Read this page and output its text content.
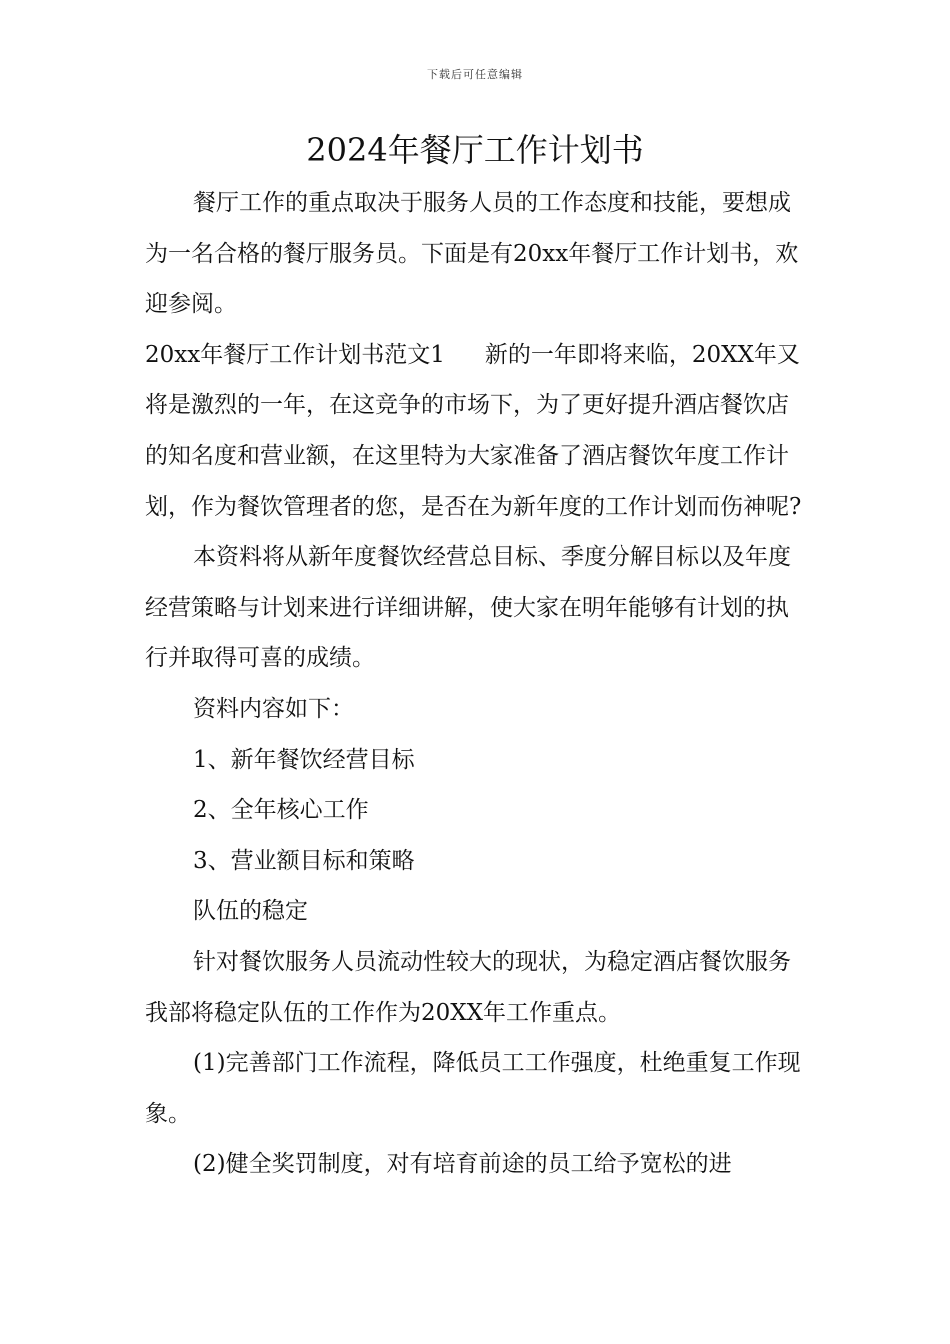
下载后可任意编辑
2024年餐厅工作计划书

餐厅工作的重点取决于服务人员的工作态度和技能，要想成为一名合格的餐厅服务员。下面是有20xx年餐厅工作计划书，欢迎参阅。

20xx年餐厅工作计划书范文1 新的一年即将来临，20XX年又将是激烈的一年，在这竞争的市场下，为了更好提升酒店餐饮店的知名度和营业额，在这里特为大家准备了酒店餐饮年度工作计划，作为餐饮管理者的您，是否在为新年度的工作计划而伤神呢?

本资料将从新年度餐饮经营总目标、季度分解目标以及年度经营策略与计划来进行详细讲解，使大家在明年能够有计划的执行并取得可喜的成绩。

资料内容如下：

1、新年餐饮经营目标

2、全年核心工作

3、营业额目标和策略

队伍的稳定

针对餐饮服务人员流动性较大的现状，为稳定酒店餐饮服务我部将稳定队伍的工作作为20XX年工作重点。

(1)完善部门工作流程，降低员工工作强度，杜绝重复工作现象。

(2)健全奖罚制度，对有培育前途的员工给予宽松的进
